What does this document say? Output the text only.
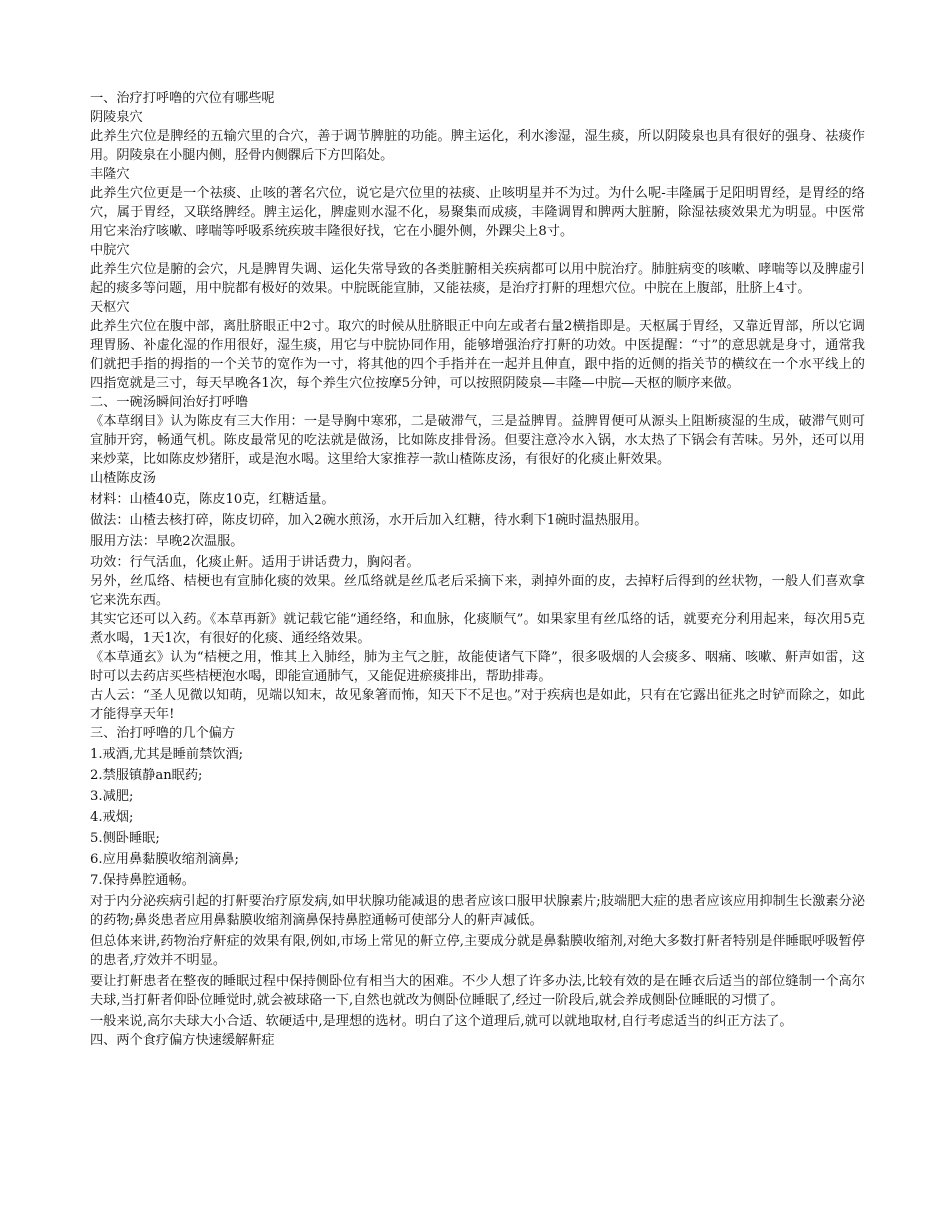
一、治疗打呼噜的穴位有哪些呢

阴陵泉穴

此养生穴位是脾经的五输穴里的合穴，善于调节脾脏的功能。脾主运化，利水渗湿，湿生痰，所以阴陵泉也具有很好的强身、祛痰作用。阴陵泉在小腿内侧，胫骨内侧髁后下方凹陷处。

丰隆穴

此养生穴位更是一个祛痰、止咳的著名穴位，说它是穴位里的祛痰、止咳明星并不为过。为什么呢-丰隆属于足阳明胃经，是胃经的络穴，属于胃经，又联络脾经。脾主运化，脾虚则水湿不化，易聚集而成痰，丰隆调胃和脾两大脏腑，除湿祛痰效果尤为明显。中医常用它来治疗咳嗽、哮喘等呼吸系统疾玻丰隆很好找，它在小腿外侧，外踝尖上8寸。

中脘穴

此养生穴位是腑的会穴，凡是脾胃失调、运化失常导致的各类脏腑相关疾病都可以用中脘治疗。肺脏病变的咳嗽、哮喘等以及脾虚引起的痰多等问题，用中脘都有极好的效果。中脘既能宣肺，又能祛痰，是治疗打鼾的理想穴位。中脘在上腹部，肚脐上4寸。

天枢穴

此养生穴位在腹中部，离肚脐眼正中2寸。取穴的时候从肚脐眼正中向左或者右量2横指即是。天枢属于胃经，又靠近胃部，所以它调理胃肠、补虚化湿的作用很好，湿生痰，用它与中脘协同作用，能够增强治疗打鼾的功效。中医提醒：“寸”的意思就是身寸，通常我们就把手指的拇指的一个关节的宽作为一寸，将其他的四个手指并在一起并且伸直，跟中指的近侧的指关节的横纹在一个水平线上的四指宽就是三寸，每天早晚各1次，每个养生穴位按摩5分钟，可以按照阴陵泉—丰隆—中脘—天枢的顺序来做。

二、一碗汤瞬间治好打呼噜

《本草纲目》认为陈皮有三大作用：一是导胸中寒邪，二是破滞气，三是益脾胃。益脾胃便可从源头上阻断痰湿的生成，破滞气则可宣肺开窍，畅通气机。陈皮最常见的吃法就是做汤，比如陈皮排骨汤。但要注意冷水入锅，水太热了下锅会有苦味。另外，还可以用来炒菜，比如陈皮炒猪肝，或是泡水喝。这里给大家推荐一款山楂陈皮汤，有很好的化痰止鼾效果。

山楂陈皮汤

材料：山楂40克，陈皮10克，红糖适量。

做法：山楂去核打碎，陈皮切碎，加入2碗水煎汤，水开后加入红糖，待水剩下1碗时温热服用。

服用方法：早晚2次温服。

功效：行气活血，化痰止鼾。适用于讲话费力，胸闷者。

另外，丝瓜络、桔梗也有宣肺化痰的效果。丝瓜络就是丝瓜老后采摘下来，剥掉外面的皮，去掉籽后得到的丝状物，一般人们喜欢拿它来洗东西。

其实它还可以入药。《本草再新》就记载它能“通经络，和血脉，化痰顺气”。如果家里有丝瓜络的话，就要充分利用起来，每次用5克煮水喝，1天1次，有很好的化痰、通经络效果。

《本草通玄》认为“桔梗之用，惟其上入肺经，肺为主气之脏，故能使诸气下降”，很多吸烟的人会痰多、咽痛、咳嗽、鼾声如雷，这时可以去药店买些桔梗泡水喝，即能宣通肺气，又能促进瘀痰排出，帮助排毒。

古人云：“圣人见微以知萌，见端以知末，故见象箸而怖，知天下不足也。”对于疾病也是如此，只有在它露出征兆之时铲而除之，如此才能得享天年!

三、治打呼噜的几个偏方

1.戒酒,尤其是睡前禁饮酒;

2.禁服镇静an眠药;

3.减肥;

4.戒烟;

5.侧卧睡眠;

6.应用鼻黏膜收缩剂滴鼻;

7.保持鼻腔通畅。

对于内分泌疾病引起的打鼾要治疗原发病,如甲状腺功能减退的患者应该口服甲状腺素片;肢端肥大症的患者应该应用抑制生长激素分泌的药物;鼻炎患者应用鼻黏膜收缩剂滴鼻保持鼻腔通畅可使部分人的鼾声减低。

但总体来讲,药物治疗鼾症的效果有限,例如,市场上常见的鼾立停,主要成分就是鼻黏膜收缩剂,对绝大多数打鼾者特别是伴睡眠呼吸暂停的患者,疗效并不明显。

要让打鼾患者在整夜的睡眠过程中保持侧卧位有相当大的困难。不少人想了许多办法,比较有效的是在睡衣后适当的部位缝制一个高尔夫球,当打鼾者仰卧位睡觉时,就会被球硌一下,自然也就改为侧卧位睡眠了,经过一阶段后,就会养成侧卧位睡眠的习惯了。

一般来说,高尔夫球大小合适、软硬适中,是理想的选材。明白了这个道理后,就可以就地取材,自行考虑适当的纠正方法了。

四、两个食疗偏方快速缓解鼾症
